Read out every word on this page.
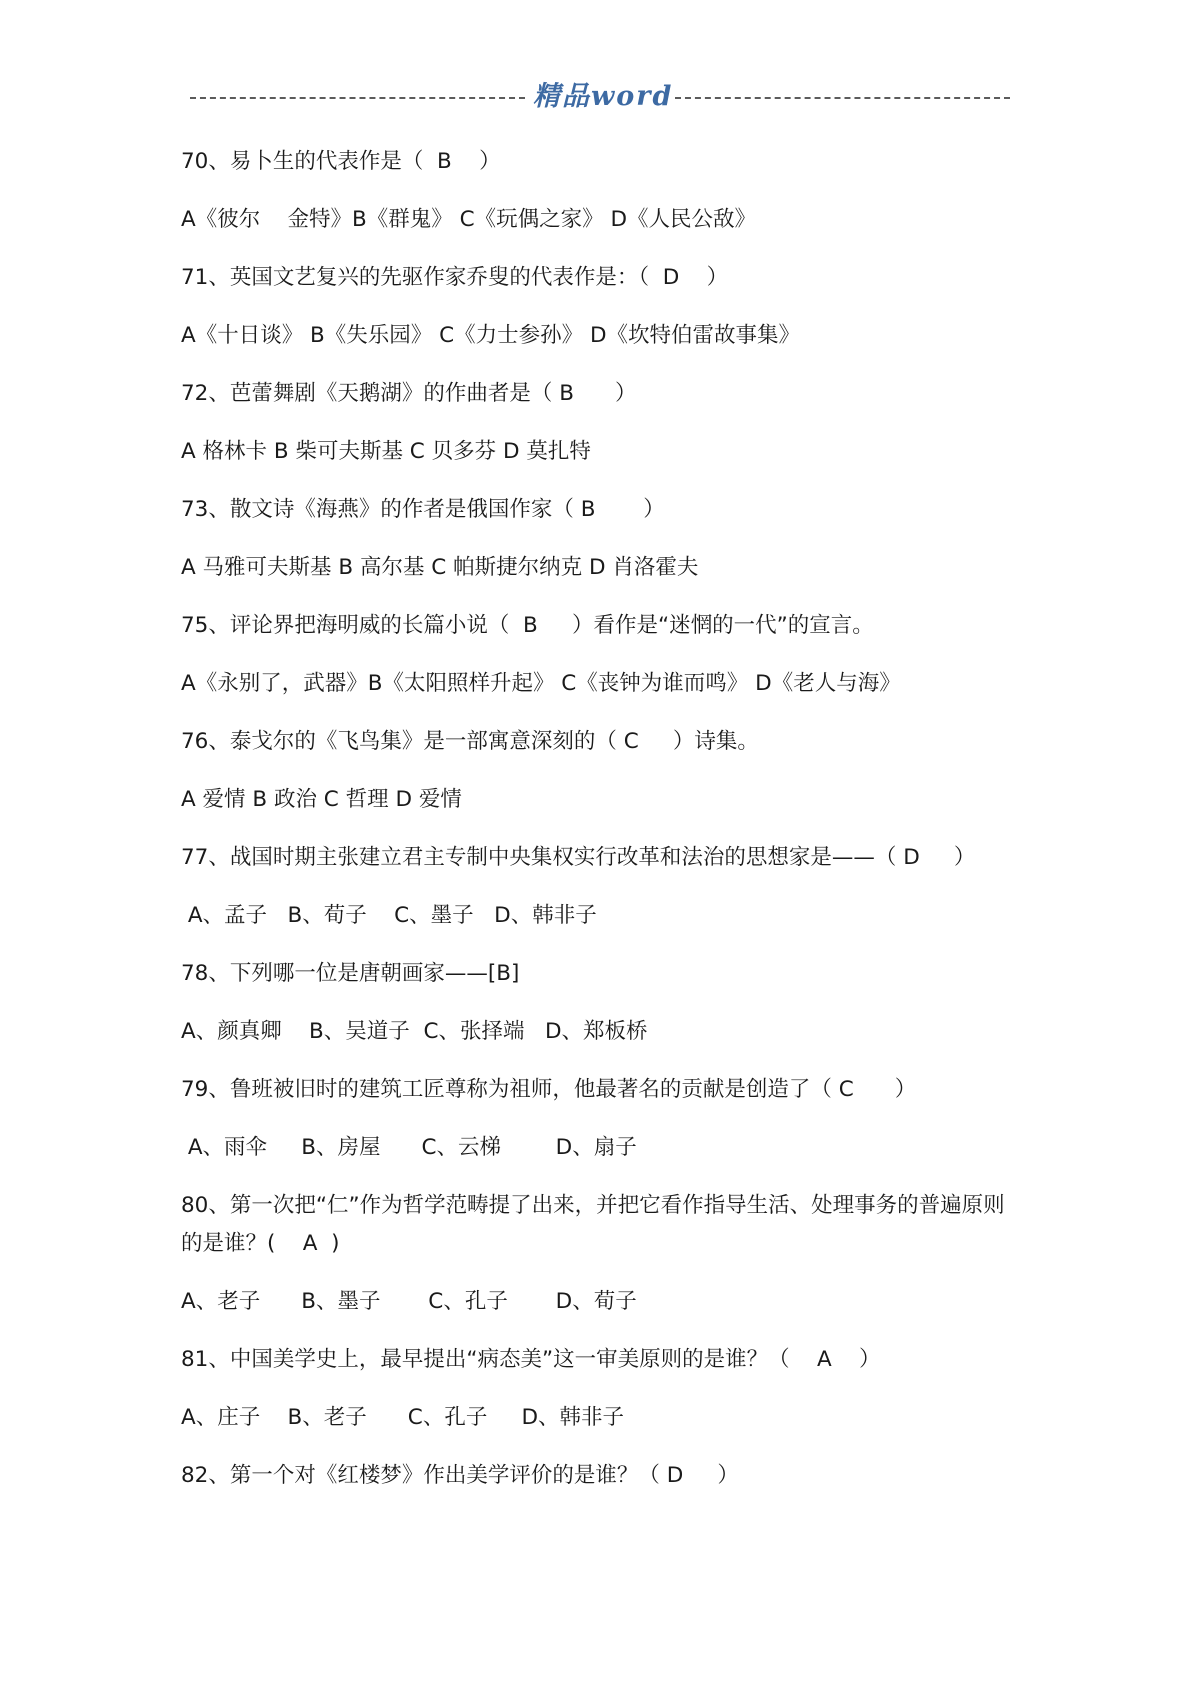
精品word
70、易卜生的代表作是（  B    ）
A《彼尔    金特》B《群鬼》 C《玩偶之家》 D《人民公敌》
71、英国文艺复兴的先驱作家乔叟的代表作是：（  D    ）
A《十日谈》 B《失乐园》 C《力士参孙》 D《坎特伯雷故事集》
72、芭蕾舞剧《天鹅湖》的作曲者是（ B      ）
A 格林卡 B 柴可夫斯基 C 贝多芬 D 莫扎特
73、散文诗《海燕》的作者是俄国作家（ B       ）
A 马雅可夫斯基 B 高尔基 C 帕斯捷尔纳克 D 肖洛霍夫
75、评论界把海明威的长篇小说（  B     ）看作是“迷惘的一代”的宣言。
A《永别了，武器》B《太阳照样升起》 C《丧钟为谁而鸣》 D《老人与海》
76、泰戈尔的《飞鸟集》是一部寓意深刻的（ C     ）诗集。
A 爱情 B 政治 C 哲理 D 爱情
77、战国时期主张建立君主专制中央集权实行改革和法治的思想家是——（ D     ）
A、孟子   B、荀子    C、墨子   D、韩非子
78、下列哪一位是唐朝画家——[B]
A、颜真卿    B、吴道子  C、张择端   D、郑板桥
79、鲁班被旧时的建筑工匠尊称为祖师，他最著名的贡献是创造了（ C      ）
A、雨伞     B、房屋      C、云梯        D、扇子
80、第一次把“仁”作为哲学范畴提了出来，并把它看作指导生活、处理事务的普遍原则的是谁？(    A  )
A、老子      B、墨子       C、孔子       D、荀子
81、中国美学史上，最早提出“病态美”这一审美原则的是谁？（    A    ）
A、庄子    B、老子      C、孔子     D、韩非子
82、第一个对《红楼梦》作出美学评价的是谁？（ D     ）
